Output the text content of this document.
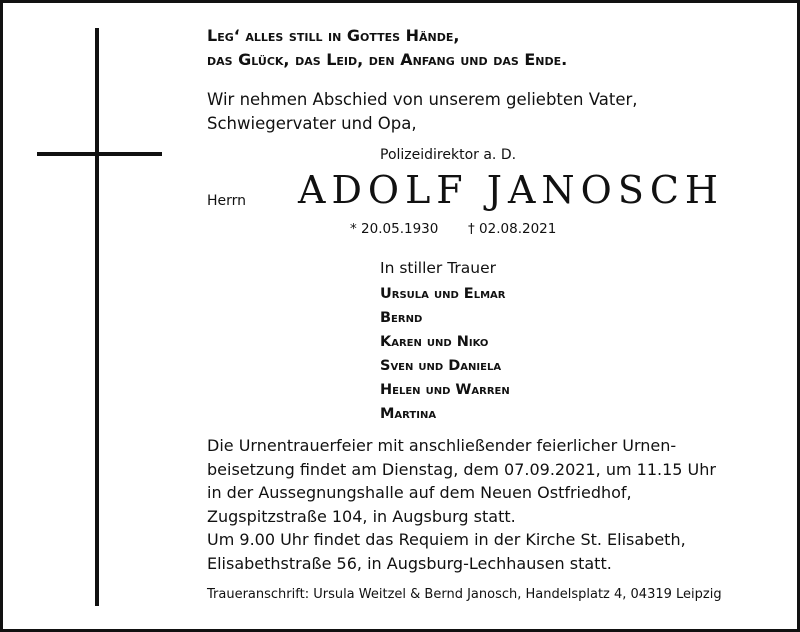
Leg‘ alles still in Gottes Hände,
das Glück, das Leid, den Anfang und das Ende.
Wir nehmen Abschied von unserem geliebten Vater,
Schwiegervater und Opa,
Polizeidirektor a. D.
Herrn ADOLF JANOSCH
* 20.05.1930 † 02.08.2021
In stiller Trauer
Ursula und Elmar
Bernd
Karen und Niko
Sven und Daniela
Helen und Warren
Martina
Die Urnentrauerfeier mit anschließender feierlicher Urnen-
beisetzung findet am Dienstag, dem 07.09.2021, um 11.15 Uhr
in der Aussegnungshalle auf dem Neuen Ostfriedhof,
Zugspitzstraße 104, in Augsburg statt.
Um 9.00 Uhr findet das Requiem in der Kirche St. Elisabeth,
Elisabethstraße 56, in Augsburg-Lechhausen statt.
Traueranschrift: Ursula Weitzel & Bernd Janosch, Handelsplatz 4, 04319 Leipzig
